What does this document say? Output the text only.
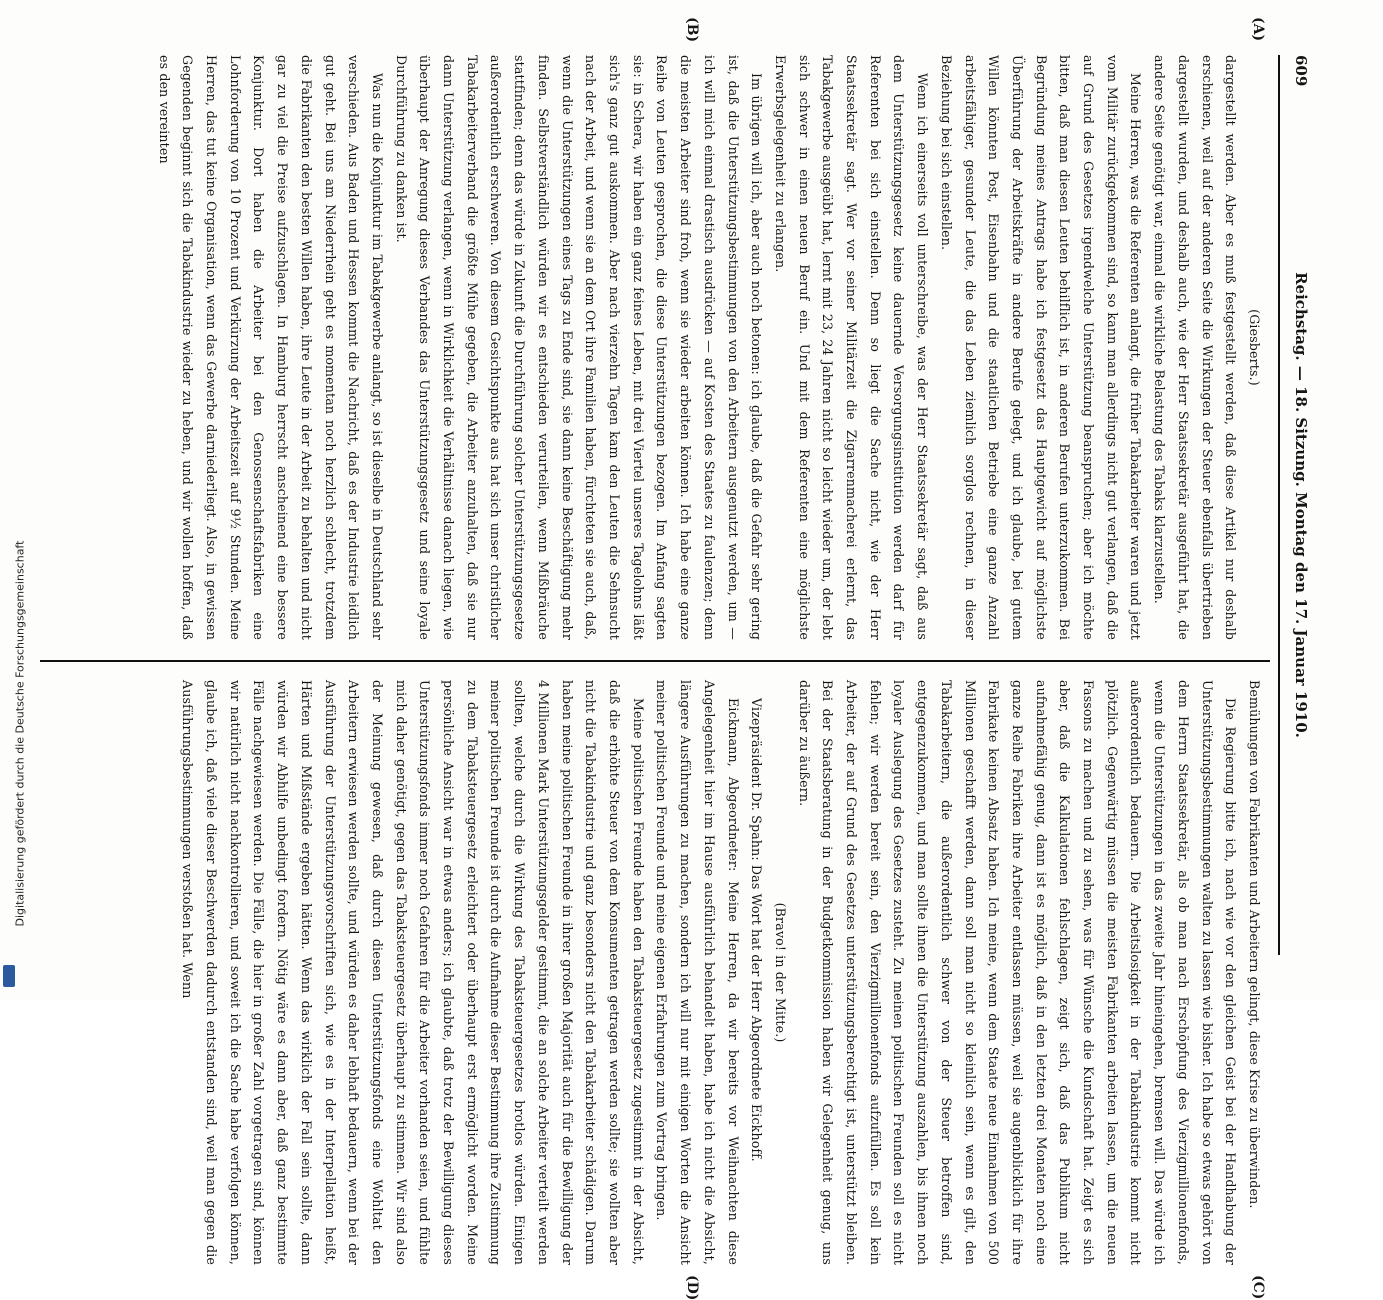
609
Reichstag. — 18. Sitzung. Montag den 17. Januar 1910.

(Giesberts.)

dargestellt werden. Aber es muß festgestellt werden, daß diese Artikel nur deshalb erschienen, weil auf der anderen Seite die Wirkungen der Steuer ebenfalls übertrieben dargestellt wurden, und deshalb auch, wie der Herr Staatssekretär ausgeführt hat, die andere Seite genötigt war, einmal die wirkliche Belastung des Tabaks klarzustellen.

Meine Herren, was die Referenten anlangt, die früher Tabakarbeiter waren und jetzt vom Militär zurückgekommen sind, so kann man allerdings nicht gut verlangen, daß die auf Grund des Gesetzes irgendwelche Unterstützung beanspruchen; aber ich möchte bitten, daß man diesen Leuten behilflich ist, in anderen Berufen unterzukommen. Bei Begründung meines Antrags habe ich festgesetzt das Hauptgewicht auf möglichste Überführung der Arbeitskräfte in andere Berufe gelegt, und ich glaube, bei gutem Willen könnten Post, Eisenbahn und die staatlichen Betriebe eine ganze Anzahl arbeitsfähiger, gesunder Leute, die das Leben ziemlich sorglos rechnen, in dieser Beziehung bei sich einstellen.

Wenn ich einerseits voll unterschreibe, was der Herr Staatssekretär sagt, daß aus dem Unterstützungsgesetz keine dauernde Versorgungsinstitution werden darf für Referenten bei sich einstellen. Denn so liegt die Sache nicht, wie der Herr Staatssekretär sagt. Wer vor seiner Militärzeit die Zigarrenmacherei erlernt, das Tabakgewerbe ausgeübt hat, lernt mit 23, 24 Jahren nicht so leicht wieder um, der lebt sich schwer in einen neuen Beruf ein. Und mit dem Referenten eine möglichste Erwerbsgelegenheit zu erlangen.

Im übrigen will ich, aber auch noch betonen: ich glaube, daß die Gefahr sehr gering ist, daß die Unterstützungsbestimmungen von den Arbeitern ausgenutzt werden, um — ich will mich einmal drastisch ausdrücken — auf Kosten des Staates zu faulenzen; denn die meisten Arbeiter sind froh, wenn sie wieder arbeiten können. Ich habe eine ganze Reihe von Leuten gesprochen, die diese Unterstützungen bezogen. Im Anfang sagten sie: in Schera, wir haben ein ganz feines Leben, mit drei Viertel unseres Tagelohns läßt sich's ganz gut auskommen. Aber nach vierzehn Tagen kam den Leuten die Sehnsucht nach der Arbeit, und wenn sie an dem Ort ihre Familien haben, fürchteten sie auch, daß, wenn die Unterstützungen eines Tags zu Ende sind, sie dann keine Beschäftigung mehr finden. Selbstverständlich würden wir es entschieden verurteilen, wenn Mißbräuche stattfinden; denn das würde in Zukunft die Durchführung solcher Unterstützungsgesetze außerordentlich erschweren. Von diesem Gesichtspunkte aus hat sich unser christlicher Tabakarbeiterverband die größte Mühe gegeben, die Arbeiter anzuhalten, daß sie nur dann Unterstützung verlangen, wenn in Wirklichkeit die Verhältnisse danach liegen, wie überhaupt der Anregung dieses Verbandes das Unterstützungsgesetz und seine loyale Durchführung zu danken ist.

Was nun die Konjunktur im Tabakgewerbe anlangt, so ist dieselbe in Deutschland sehr verschieden. Aus Baden und Hessen kommt die Nachricht, daß es der Industrie leidlich gut geht. Bei uns am Niederrhein geht es momentan noch herzlich schlecht, trotzdem die Fabrikanten den besten Willen haben, ihre Leute in der Arbeit zu behalten und nicht gar zu viel die Preise aufzuschlagen. In Hamburg herrscht anscheinend eine bessere Konjunktur. Dort haben die Arbeiter bei den Genossenschaftsfabriken eine Lohnforderung von 10 Prozent und Verkürzung der Arbeitszeit auf 9½ Stunden. Meine Herren, das tut keine Organisation, wenn das Gewerbe darniederliegt. Also, in gewissen Gegenden beginnt sich die Tabakindustrie wieder zu heben, und wir wollen hoffen, daß es den vereinten

Bemühungen von Fabrikanten und Arbeitern gelingt, diese Krise zu überwinden.

Die Regierung bitte ich, nach wie vor den gleichen Geist bei der Handhabung der Unterstützungsbestimmungen walten zu lassen wie bisher. Ich habe so etwas gehört von dem Herrn Staatssekretär, als ob man nach Erschöpfung des Vierzigmillionenfonds, wenn die Unterstützungen in das zweite Jahr hineingehen, bremsen will. Das würde ich außerordentlich bedauern. Die Arbeitslosigkeit in der Tabakindustrie kommt nicht plötzlich. Gegenwärtig müssen die meisten Fabrikanten arbeiten lassen, um die neuen Fassons zu machen und zu sehen, was für Wünsche die Kundschaft hat. Zeigt es sich aber, daß die Kalkulationen fehlschlagen, zeigt sich, daß das Publikum nicht aufnahmefähig genug, dann ist es möglich, daß in den letzten drei Monaten noch eine ganze Reihe Fabriken ihre Arbeiter entlassen müssen, weil sie augenblicklich für ihre Fabrikate keinen Absatz haben. Ich meine, wenn dem Staate neue Einnahmen von 500 Millionen geschafft werden, dann soll man nicht so kleinlich sein, wenn es gilt, den Tabakarbeitern, die außerordentlich schwer von der Steuer betroffen sind, entgegenzukommen, und man sollte ihnen die Unterstützung auszahlen, bis ihnen noch loyaler Auslegung des Gesetzes zusteht. Zu meinen politischen Freunden soll es nicht fehlen; wir werden bereit sein, den Vierzigmillionenfonds aufzufüllen. Es soll kein Arbeiter, der auf Grund des Gesetzes unterstützungsberechtigt ist, unterstützt bleiben. Bei der Staatsberatung in der Budgetkommission haben wir Gelegenheit genug, uns darüber zu äußern.

(Bravo! in der Mitte.)

Vizepräsident Dr. Spahn: Das Wort hat der Herr Abgeordnete Eickhoff.

Eickmann, Abgeordneter: Meine Herren, da wir bereits vor Weihnachten diese Angelegenheit hier im Hause ausführlich behandelt haben, habe ich nicht die Absicht, längere Ausführungen zu machen, sondern ich will nur mit einigen Worten die Ansicht meiner politischen Freunde und meine eigenen Erfahrungen zum Vortrag bringen.

Meine politischen Freunde haben den Tabaksteuergesetz zugestimmt in der Absicht, daß die erhöhte Steuer von dem Konsumenten getragen werden sollte; sie wollten aber nicht die Tabakindustrie und ganz besonders nicht den Tabakarbeiter schädigen. Darum haben meine politischen Freunde in ihrer großen Majorität auch für die Bewilligung der 4 Millionen Mark Unterstützungsgelder gestimmt, die an solche Arbeiter verteilt werden sollten, welche durch die Wirkung des Tabaksteuergesetzes brotlos würden. Einigen meiner politischen Freunde ist durch die Aufnahme dieser Bestimmung ihre Zustimmung zu dem Tabaksteuergesetz erleichtert oder überhaupt erst ermöglicht worden. Meine persönliche Ansicht war in etwas anders; ich glaubte, daß trotz der Bewilligung dieses Unterstützungsfonds immer noch Gefahren für die Arbeiter vorhanden seien, und fühlte mich daher genötigt, gegen das Tabaksteuergesetz überhaupt zu stimmen. Wir sind also der Meinung gewesen, daß durch diesen Unterstützungsfonds eine Wohltat den Arbeitern erwiesen werden sollte, und würden es daher lebhaft bedauern, wenn bei der Ausführung der Unterstützungsvorschriften sich, wie es in der Interpellation heißt, Härten und Mißstände ergeben hätten. Wenn das wirklich der Fall sein sollte, dann würden wir Abhilfe unbedingt fordern. Nötig wäre es dann aber, daß ganz bestimmte Fälle nachgewiesen werden. Die Fälle, die hier in großer Zahl vorgetragen sind, können wir natürlich nicht nachkontrollieren, und soweit ich die Sache habe verfolgen können, glaube ich, daß viele dieser Beschwerden dadurch entstanden sind, weil man gegen die Ausführungsbestimmungen verstoßen hat. Wenn

(A)
(B)
(C)
(D)
Digitalisierung gefördert durch die Deutsche Forschungsgemeinschaft
